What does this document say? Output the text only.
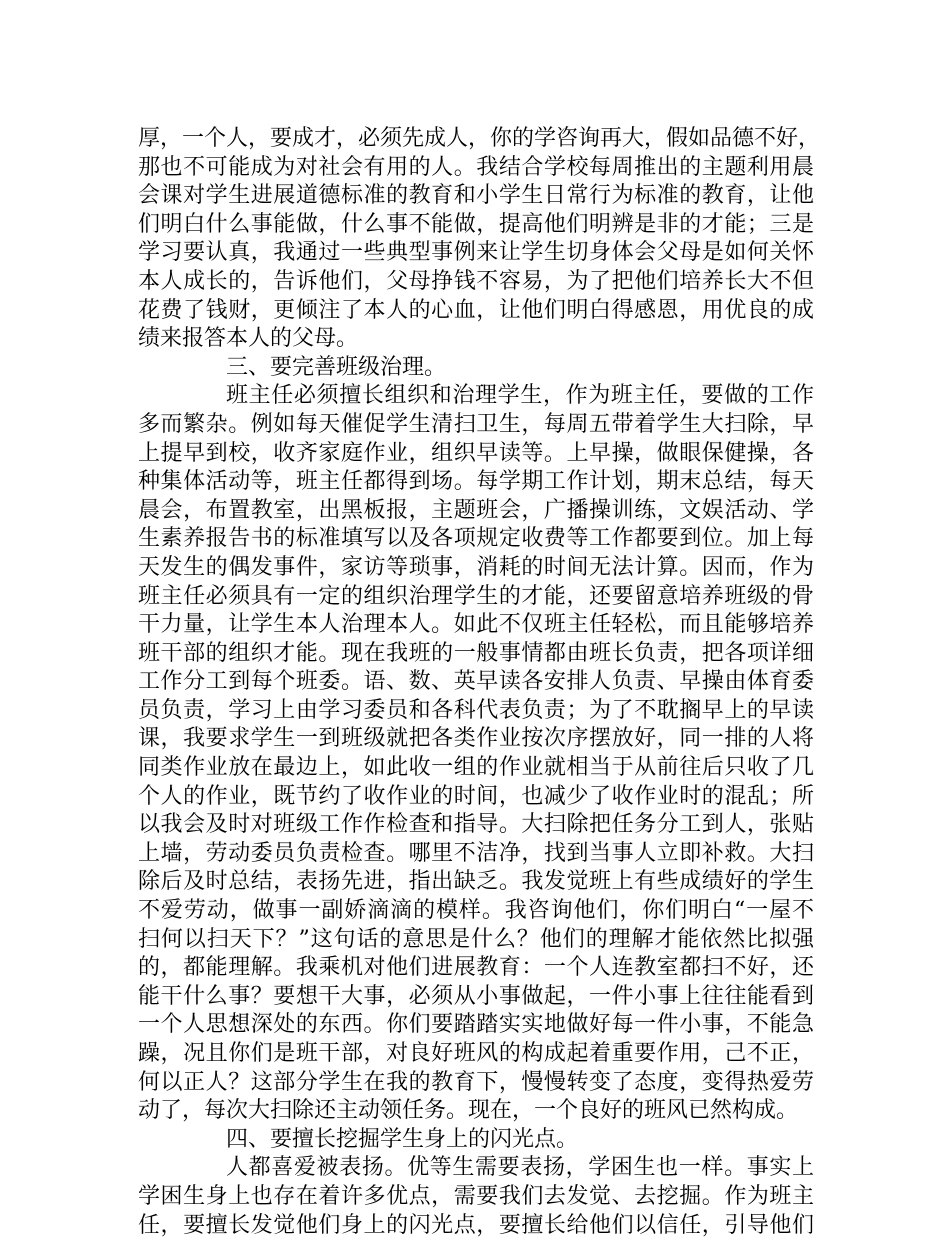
厚，一个人，要成才，必须先成人，你的学咨询再大，假如品德不好，
那也不可能成为对社会有用的人。我结合学校每周推出的主题利用晨
会课对学生进展道德标准的教育和小学生日常行为标准的教育，让他
们明白什么事能做，什么事不能做，提高他们明辨是非的才能；三是
学习要认真，我通过一些典型事例来让学生切身体会父母是如何关怀
本人成长的，告诉他们，父母挣钱不容易，为了把他们培养长大不但
花费了钱财，更倾注了本人的心血，让他们明白得感恩，用优良的成
绩来报答本人的父母。
三、要完善班级治理。
班主任必须擅长组织和治理学生，作为班主任，要做的工作
多而繁杂。例如每天催促学生清扫卫生，每周五带着学生大扫除，早
上提早到校，收齐家庭作业，组织早读等。上早操，做眼保健操，各
种集体活动等，班主任都得到场。每学期工作计划，期末总结，每天
晨会，布置教室，出黑板报，主题班会，广播操训练，文娱活动、学
生素养报告书的标准填写以及各项规定收费等工作都要到位。加上每
天发生的偶发事件，家访等琐事，消耗的时间无法计算。因而，作为
班主任必须具有一定的组织治理学生的才能，还要留意培养班级的骨
干力量，让学生本人治理本人。如此不仅班主任轻松，而且能够培养
班干部的组织才能。现在我班的一般事情都由班长负责，把各项详细
工作分工到每个班委。语、数、英早读各安排人负责、早操由体育委
员负责，学习上由学习委员和各科代表负责；为了不耽搁早上的早读
课，我要求学生一到班级就把各类作业按次序摆放好，同一排的人将
同类作业放在最边上，如此收一组的作业就相当于从前往后只收了几
个人的作业，既节约了收作业的时间，也减少了收作业时的混乱；所
以我会及时对班级工作作检查和指导。大扫除把任务分工到人，张贴
上墙，劳动委员负责检查。哪里不洁净，找到当事人立即补救。大扫
除后及时总结，表扬先进，指出缺乏。我发觉班上有些成绩好的学生
不爱劳动，做事一副娇滴滴的模样。我咨询他们，你们明白“一屋不
扫何以扫天下？”这句话的意思是什么？他们的理解才能依然比拟强
的，都能理解。我乘机对他们进展教育：一个人连教室都扫不好，还
能干什么事？要想干大事，必须从小事做起，一件小事上往往能看到
一个人思想深处的东西。你们要踏踏实实地做好每一件小事，不能急
躁，况且你们是班干部，对良好班风的构成起着重要作用，己不正，
何以正人？这部分学生在我的教育下，慢慢转变了态度，变得热爱劳
动了，每次大扫除还主动领任务。现在，一个良好的班风已然构成。
四、要擅长挖掘学生身上的闪光点。
人都喜爱被表扬。优等生需要表扬，学困生也一样。事实上
学困生身上也存在着许多优点，需要我们去发觉、去挖掘。作为班主
任，要擅长发觉他们身上的闪光点，要擅长给他们以信任，引导他们
